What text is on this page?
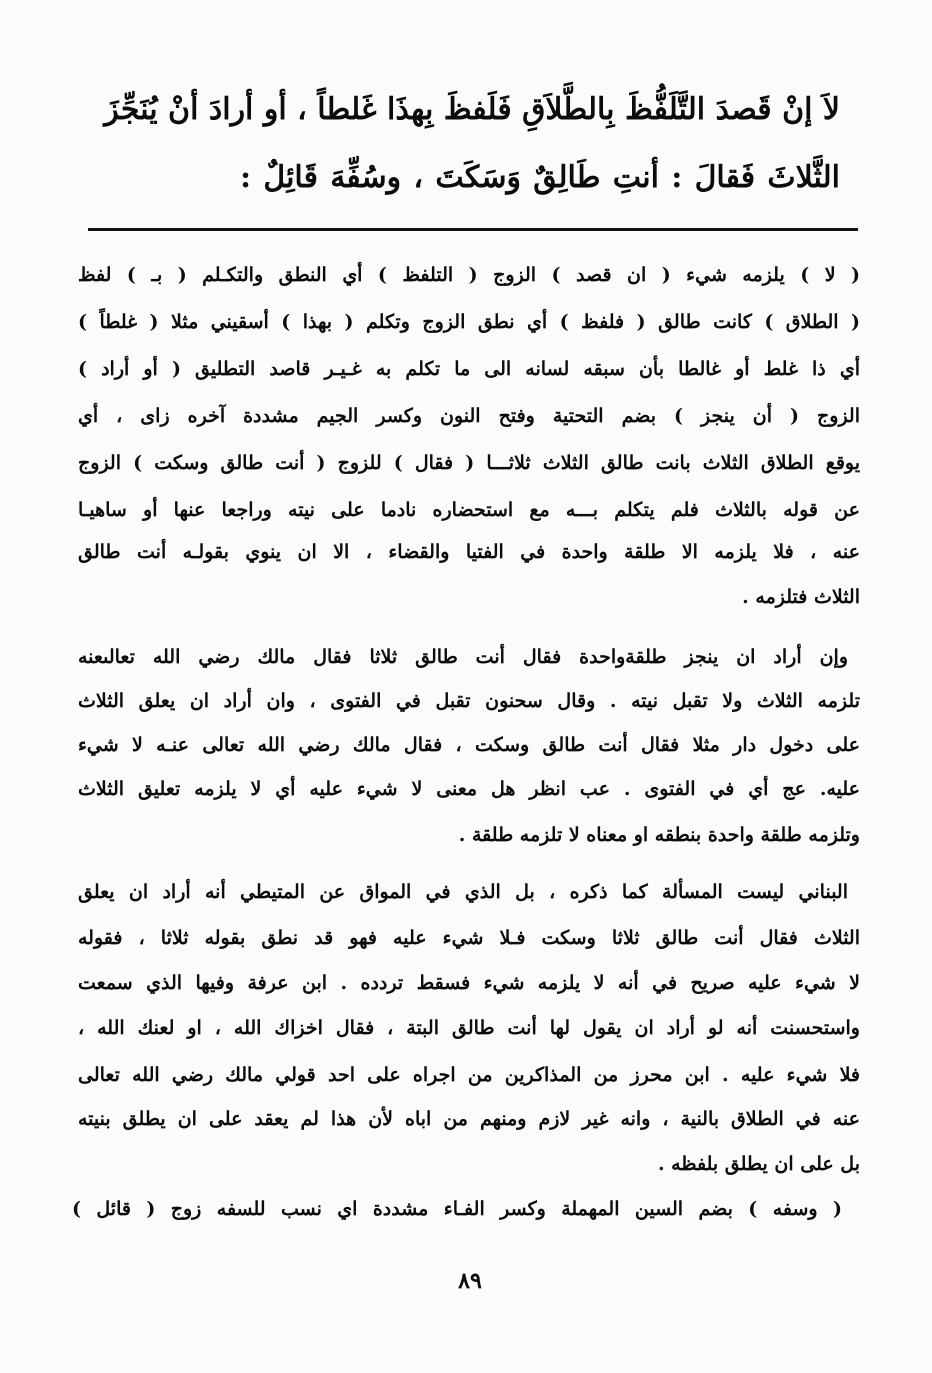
لاَ إنْ قَصدَ التَّلَفُّظَ بِالطَّلاَقِ فَلَفظَ بِهذَا غَلطاً ، أو أرادَ أنْ يُنَجِّزَ
الثَّلاثَ فَقالَ : أنتِ طَالِقٌ وَسَكَتَ ، وسُفِّهَ قَائِلٌ :
( لا ) يلزمه شيء ( ان قصد ) الزوج ( التلفظ ) أي النطق والتكـلم ( بـ ) لفظ
( الطلاق ) كانت طالق ( فلفظ ) أي نطق الزوج وتكلم ( بهذا ) أسقيني مثلا ( غلطاً )
أي ذا غلط أو غالطا بأن سبقه لسانه الى ما تكلم به غـيـر قاصد التطليق ( أو أراد )
الزوج ( أن ينجز ) بضم التحتية وفتح النون وكسر الجيم مشددة آخره زاى ، أي
يوقع الطلاق الثلاث بانت طالق الثلاث ثلاثـــا ( فقال ) للزوج ( أنت طالق وسكت ) الزوج
عن قوله بالثلاث فلم يتكلم بـــه مع استحضاره نادما على نيته وراجعا عنها أو ساهيـا
عنه ، فلا يلزمه الا طلقة واحدة في الفتيا والقضاء ، الا ان ينوي بقولـه أنت طالق
الثلاث فتلزمه .
وإن أراد ان ينجز طلقةواحدة فقال أنت طالق ثلاثا فقال مالك رضي الله تعالىعنه
تلزمه الثلاث ولا تقبل نيته . وقال سحنون تقبل في الفتوى ، وان أراد ان يعلق الثلاث
على دخول دار مثلا فقال أنت طالق وسكت ، فقال مالك رضي الله تعالى عنـه لا شيء
عليه. عج أي في الفتوى . عب انظر هل معنى لا شيء عليه أي لا يلزمه تعليق الثلاث
وتلزمه طلقة واحدة بنطقه او معناه لا تلزمه طلقة .
البناني ليست المسألة كما ذكره ، بل الذي في المواق عن المتيطي أنه أراد ان يعلق
الثلاث فقال أنت طالق ثلاثا وسكت فـلا شيء عليه فهو قد نطق بقوله ثلاثا ، فقوله
لا شيء عليه صريح في أنه لا يلزمه شيء فسقط تردده . ابن عرفة وفيها الذي سمعت
واستحسنت أنه لو أراد ان يقول لها أنت طالق البتة ، فقال اخزاك الله ، او لعنك الله ،
فلا شيء عليه . ابن محرز من المذاكرين من اجراه على احد قولي مالك رضي الله تعالى
عنه في الطلاق بالنية ، وانه غير لازم ومنهم من اباه لأن هذا لم يعقد على ان يطلق بنيته
بل على ان يطلق بلفظه .
( وسفه ) بضم السين المهملة وكسر الفـاء مشددة اي نسب للسفه زوج ( قائل )
٨٩
